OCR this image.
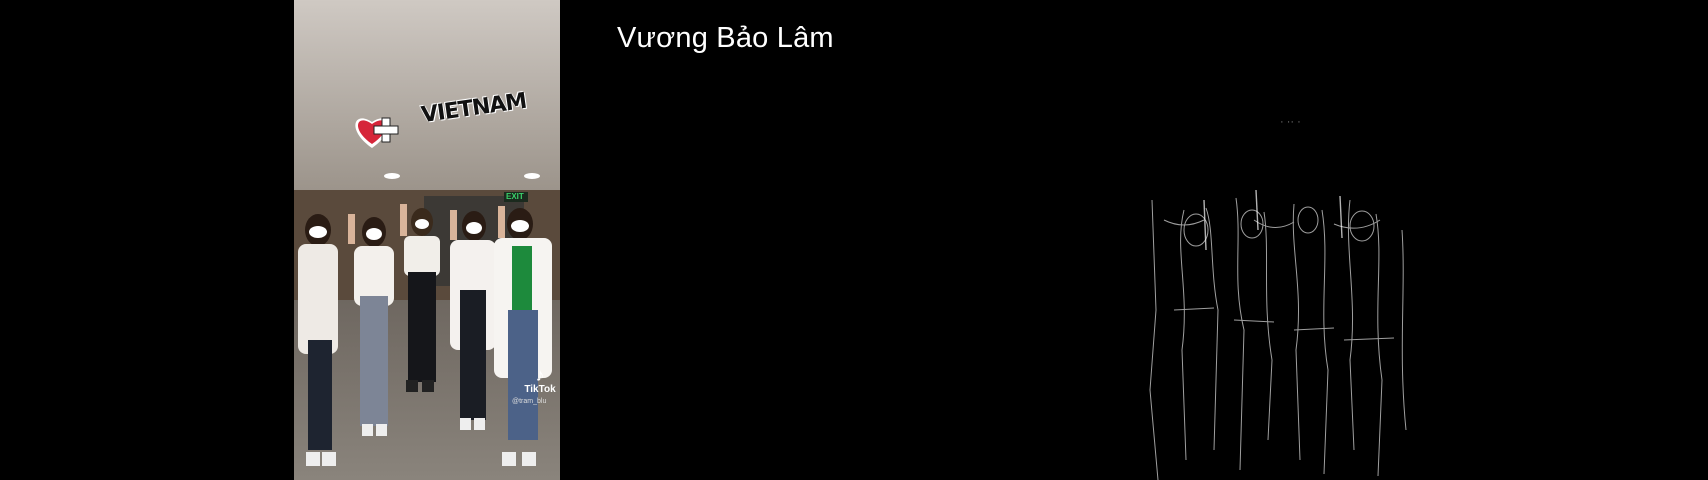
Vương Bảo Lâm
EXIT
VIETNAM
♪
TikTok
@tram_blu
· ·· ·
